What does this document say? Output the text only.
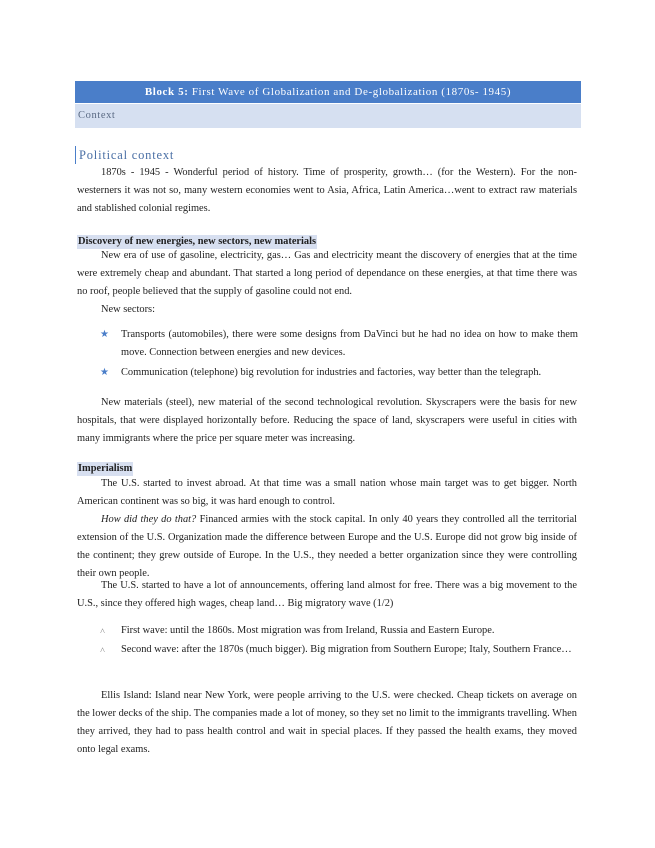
Block 5: First Wave of Globalization and De-globalization (1870s- 1945)
Context
Political context

1870s - 1945 - Wonderful period of history. Time of prosperity, growth… (for the Western). For the non-westerners it was not so, many western economies went to Asia, Africa, Latin America…went to extract raw materials and stablished colonial regimes.

Discovery of new energies, new sectors, new materials

New era of use of gasoline, electricity, gas… Gas and electricity meant the discovery of energies that at the time were extremely cheap and abundant. That started a long period of dependance on these energies, at that time there was no roof, people believed that the supply of gasoline could not end.

New sectors:

★	Transports (automobiles), there were some designs from DaVinci but he had no idea on how to make them move. Connection between energies and new devices.

★	Communication (telephone) big revolution for industries and factories, way better than the telegraph.

New materials (steel), new material of the second technological revolution. Skyscrapers were the basis for new hospitals, that were displayed horizontally before. Reducing the space of land, skyscrapers were useful in cities with many immigrants where the price per square meter was increasing.

Imperialism

The U.S. started to invest abroad. At that time was a small nation whose main target was to get bigger. North American continent was so big, it was hard enough to control.

How did they do that? Financed armies with the stock capital. In only 40 years they controlled all the territorial extension of the U.S. Organization made the difference between Europe and the U.S. Europe did not grow big inside of the continent; they grew outside of Europe. In the U.S., they needed a better organization since they were controlling their own people.

The U.S. started to have a lot of announcements, offering land almost for free. There was a big movement to the U.S., since they offered high wages, cheap land… Big migratory wave (1/2)

˄	First wave: until the 1860s. Most migration was from Ireland, Russia and Eastern Europe.

˄	Second wave: after the 1870s (much bigger). Big migration from Southern Europe; Italy, Southern France…

Ellis Island: Island near New York, were people arriving to the U.S. were checked. Cheap tickets on average on the lower decks of the ship. The companies made a lot of money, so they set no limit to the immigrants travelling. When they arrived, they had to pass health control and wait in special places. If they passed the health exams, they moved onto legal exams.
